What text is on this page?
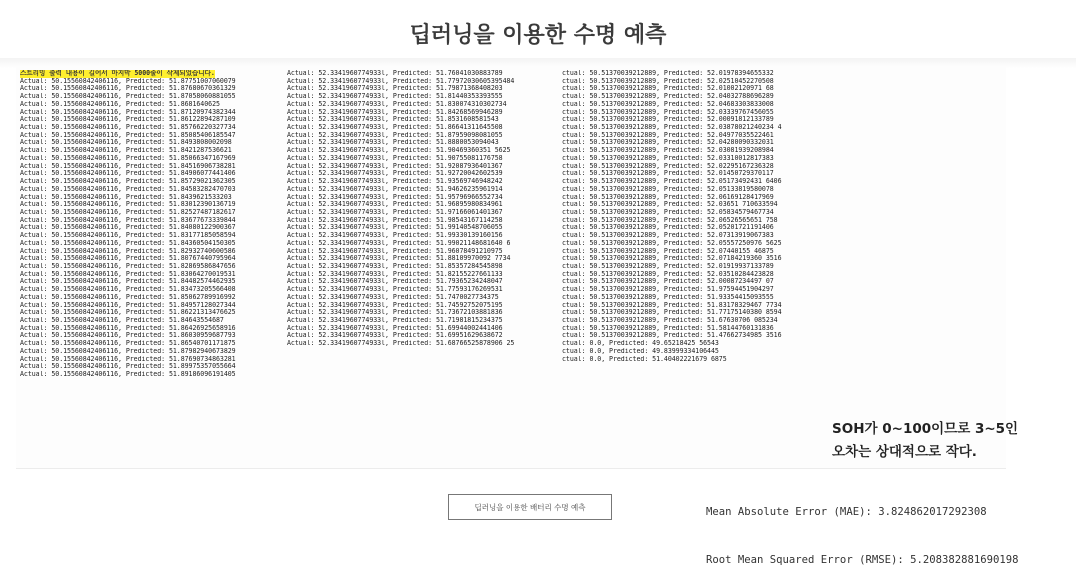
딥러닝을 이용한 수명 예측
스트리밍 출력 내용이 길어서 마지막 5000줄이 삭제되었습니다.
Actual: 50.15560842406116, Predicted: 51.87751007060079
Actual: 50.15560842406116, Predicted: 51.87680670361329
Actual: 50.15560842406116, Predicted: 51.87058060881055
Actual: 50.15560842406116, Predicted: 51.8681640625
Actual: 50.15560842406116, Predicted: 51.87120974382344
Actual: 50.15560842406116, Predicted: 51.86122894287109
Actual: 50.15560842406116, Predicted: 51.85766220327734
Actual: 50.15560842406116, Predicted: 51.85085406185547
Actual: 50.15560842406116, Predicted: 51.8493808002098
Actual: 50.15560842406116, Predicted: 51.8421287536621
Actual: 50.15560842406116, Predicted: 51.85066347167969
Actual: 50.15560842406116, Predicted: 51.84516906738281
Actual: 50.15560842406116, Predicted: 51.84906077441406
Actual: 50.15560842406116, Predicted: 51.85729021362305
Actual: 50.15560842406116, Predicted: 51.84583282470703
Actual: 50.15560842406116, Predicted: 51.8439621533203
Actual: 50.15560842406116, Predicted: 51.83012390136719
Actual: 50.15560842406116, Predicted: 51.82527487182617
Actual: 50.15560842406116, Predicted: 51.83677673339844
Actual: 50.15560842406116, Predicted: 51.84080122900367
Actual: 50.15560842406116, Predicted: 51.83177185058594
Actual: 50.15560842406116, Predicted: 51.84360504150305
Actual: 50.15560842406116, Predicted: 51.82932740600586
Actual: 50.15560842406116, Predicted: 51.80767440795964
Actual: 50.15560842406116, Predicted: 51.82869586847656
Actual: 50.15560842406116, Predicted: 51.83064270019531
Actual: 50.15560842406116, Predicted: 51.84482574462935
Actual: 50.15560842406116, Predicted: 51.83473205566408
Actual: 50.15560842406116, Predicted: 51.85062789916992
Actual: 50.15560842406116, Predicted: 51.84957128027344
Actual: 50.15560842406116, Predicted: 51.86221313476625
Actual: 50.15560842406116, Predicted: 51.84643554687
Actual: 50.15560842406116, Predicted: 51.86426925658916
Actual: 50.15560842406116, Predicted: 51.86030959687793
Actual: 50.15560842406116, Predicted: 51.86540701171875
Actual: 50.15560842406116, Predicted: 51.87982940673829
Actual: 50.15560842406116, Predicted: 51.87690734863281
Actual: 50.15560842406116, Predicted: 51.89975357055664
Actual: 50.15560842406116, Predicted: 51.89186096191405
Actual: 52.3341960774933l, Predicted: 51.76041030883789
Actual: 52.3341960774933l, Predicted: 51.77972030605395484
Actual: 52.3341960774933l, Predicted: 51.79871368408203
Actual: 52.3341960774933l, Predicted: 51.81440353393555
Actual: 52.3341960774933l, Predicted: 51.830074310302734
Actual: 52.3341960774933l, Predicted: 51.84268569946289
Actual: 52.3341960774933l, Predicted: 51.8531608581543
Actual: 52.3341960774933l, Predicted: 51.86641311645508
Actual: 52.3341960774933l, Predicted: 51.87959098081055
Actual: 52.3341960774933l, Predicted: 51.8880053094043
Actual: 52.3341960774933l, Predicted: 51.90469360351 5625
Actual: 52.3341960774933l, Predicted: 51.90755081176758
Actual: 52.3341960774933l, Predicted: 51.92087936401367
Actual: 52.3341960774933l, Predicted: 51.92720042602539
Actual: 52.3341960774933l, Predicted: 51.93569746948242
Actual: 52.3341960774933l, Predicted: 51.94626235961914
Actual: 52.3341960774933l, Predicted: 51.95796966552734
Actual: 52.3341960774933l, Predicted: 51.96895980834961
Actual: 52.3341960774933l, Predicted: 51.97166061401367
Actual: 52.3341960774933l, Predicted: 51.98543167114258
Actual: 52.3341960774933l, Predicted: 51.99140548706055
Actual: 52.3341960774933l, Predicted: 51.99330139160156
Actual: 52.3341960774933l, Predicted: 51.99021148681640 6
Actual: 52.3341960774933l, Predicted: 51.96078491210975
Actual: 52.3341960774933l, Predicted: 51.88109970092 7734
Actual: 52.3341960774933l, Predicted: 51.85357284545898
Actual: 52.3341960774933l, Predicted: 51.82155227661133
Actual: 52.3341960774933l, Predicted: 51.79365234248047
Actual: 52.3341960774933l, Predicted: 51.77593176269531
Actual: 52.3341960774933l, Predicted: 51.7470027734375
Actual: 52.3341960774933l, Predicted: 51.74592752075195
Actual: 52.3341960774933l, Predicted: 51.73672103881836
Actual: 52.3341960774933l, Predicted: 51.71981815234375
Actual: 52.3341960774933l, Predicted: 51.69944002441406
Actual: 52.3341960774933l, Predicted: 51.69951629638672
Actual: 52.3341960774933l, Predicted: 51.68766525878906 25
ctual: 50.51370039212889, Predicted: 52.01978394655332
ctual: 50.51370039212889, Predicted: 52.02510452270508
ctual: 50.51370039212889, Predicted: 52.01002120971 68
ctual: 50.51370039212889, Predicted: 52.04032788696289
ctual: 50.51370039212889, Predicted: 52.04683303833008
ctual: 50.51370039212889, Predicted: 52.03339767456055
ctual: 50.51370039212889, Predicted: 52.00091812133789
ctual: 50.51370039212889, Predicted: 52.03878021240234 4
ctual: 50.51370039212889, Predicted: 52.04977035522461
ctual: 50.51370039212889, Predicted: 52.04280090332031
ctual: 50.51370039212889, Predicted: 52.03081939208984
ctual: 50.51370039212889, Predicted: 52.03310012817383
ctual: 50.51370039212889, Predicted: 52.02295167236328
ctual: 50.51370039212889, Predicted: 52.01450729370117
ctual: 50.51370039212889, Predicted: 52.05173492431 6406
ctual: 50.51370039212889, Predicted: 52.05133819580078
ctual: 50.51370039212889, Predicted: 52.06169128417969
ctual: 50.51370039212889, Predicted: 52.03651 710633594
ctual: 50.51370039212889, Predicted: 52.05834579467734
ctual: 50.51370039212889, Predicted: 52.06526565651 758
ctual: 50.51370039212889, Predicted: 52.05201721191406
ctual: 50.51370039212889, Predicted: 52.07313919067383
ctual: 50.51370039212889, Predicted: 52.05557250976 5625
ctual: 50.51370039212889, Predicted: 52.07440155 46875
ctual: 50.51370039212889, Predicted: 52.07184219360 3516
ctual: 50.51370039212889, Predicted: 52.01919937133789
ctual: 50.51370039212889, Predicted: 52.03510284423828
ctual: 50.51370039212889, Predicted: 52.00087234497 07
ctual: 50.51370039212889, Predicted: 51.97594451904297
ctual: 50.51370039212889, Predicted: 51.93354415093555
ctual: 50.51370039212889, Predicted: 51.83178329467 7734
ctual: 50.51370039212889, Predicted: 51.77175140380 8594
ctual: 50.51370039212889, Predicted: 51.67630706 085234
ctual: 50.51370039212889, Predicted: 51.58144760131836
ctual: 50.51370039212889, Predicted: 51.47662734985 3516
ctual: 0.0, Predicted: 49.65218425 56543
ctual: 0.0, Predicted: 49.83999334106445
ctual: 0.0, Predicted: 51.40402221679 6875
SOH가 0~100이므로 3~5인
오차는 상대적으로 작다.

Mean Absolute Error (MAE): 3.824862017292308

Root Mean Squared Error (RMSE): 5.208382881690198

딥러닝을 이용한 배터리 수명 예측
